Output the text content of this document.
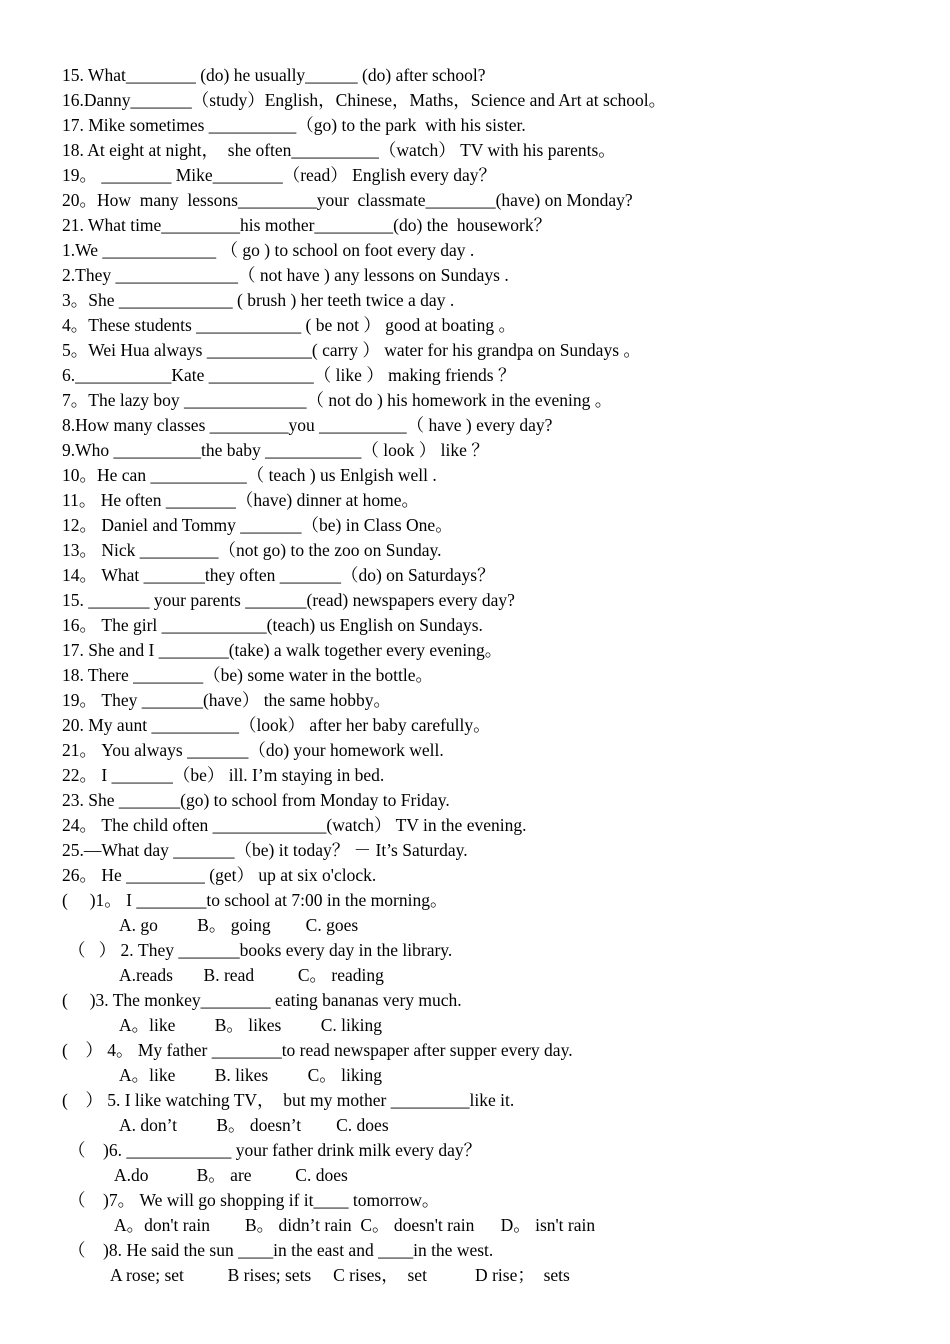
15. What________ (do) he usually______ (do) after school?
16.Danny_______（study）English，Chinese，Maths，Science and Art at school。
17. Mike sometimes __________（go) to the park  with his sister.
18. At eight at night，  she often__________（watch） TV with his parents。
19。 ________ Mike________（read） English every day？
20。How  many  lessons_________your  classmate________(have) on Monday?
21. What time_________his mother_________(do) the  housework？
1.We _____________ （ go ) to school on foot every day .
2.They ______________（ not have ) any lessons on Sundays .
3。She _____________ ( brush ) her teeth twice a day .
4。These students ____________ ( be not ） good at boating 。
5。Wei Hua always ____________( carry ） water for his grandpa on Sundays 。
6.___________Kate ____________（ like ） making friends ？
7。The lazy boy ______________（ not do ) his homework in the evening 。
8.How many classes _________you __________（ have ) every day?
9.Who __________the baby ___________（ look ） like ？
10。He can ___________（ teach ) us Enlgish well .
11。 He often ________（have) dinner at home。
12。 Daniel and Tommy _______（be) in Class One。
13。 Nick _________（not go) to the zoo on Sunday.
14。 What _______they often _______（do) on Saturdays？
15. _______ your parents _______(read) newspapers every day?
16。 The girl ____________(teach) us English on Sundays.
17. She and I ________(take) a walk together every evening。
18. There ________（be) some water in the bottle。
19。 They _______(have） the same hobby。
20. My aunt __________（look） after her baby carefully。
21。 You always _______（do) your homework well.
22。 I _______（be） ill. I’m staying in bed.
23. She _______(go) to school from Monday to Friday.
24。 The child often _____________(watch） TV in the evening.
25.—What day _______（be) it today？ － It’s Saturday.
26。 He _________ (get） up at six o'clock.
(     )1。 I ________to school at 7:00 in the morning。
A. go         B。 going        C. goes
（   ） 2. They _______books every day in the library.
A.reads       B. read          C。 reading
(     )3. The monkey________ eating bananas very much.
A。like         B。 likes         C. liking
(    ） 4。 My father ________to read newspaper after supper every day.
A。like         B. likes         C。 liking
(    ） 5. I like watching TV，  but my mother _________like it.
A. don’t         B。 doesn’t        C. does
（    )6. ____________ your father drink milk every day？
A.do           B。 are          C. does
（    )7。 We will go shopping if it____ tomorrow。
A。don't rain        B。 didn’t rain  C。 doesn't rain      D。 isn't rain
（    )8. He said the sun ____in the east and ____in the west.
A rose; set          B rises; sets     C rises，  set           D rise；  sets
